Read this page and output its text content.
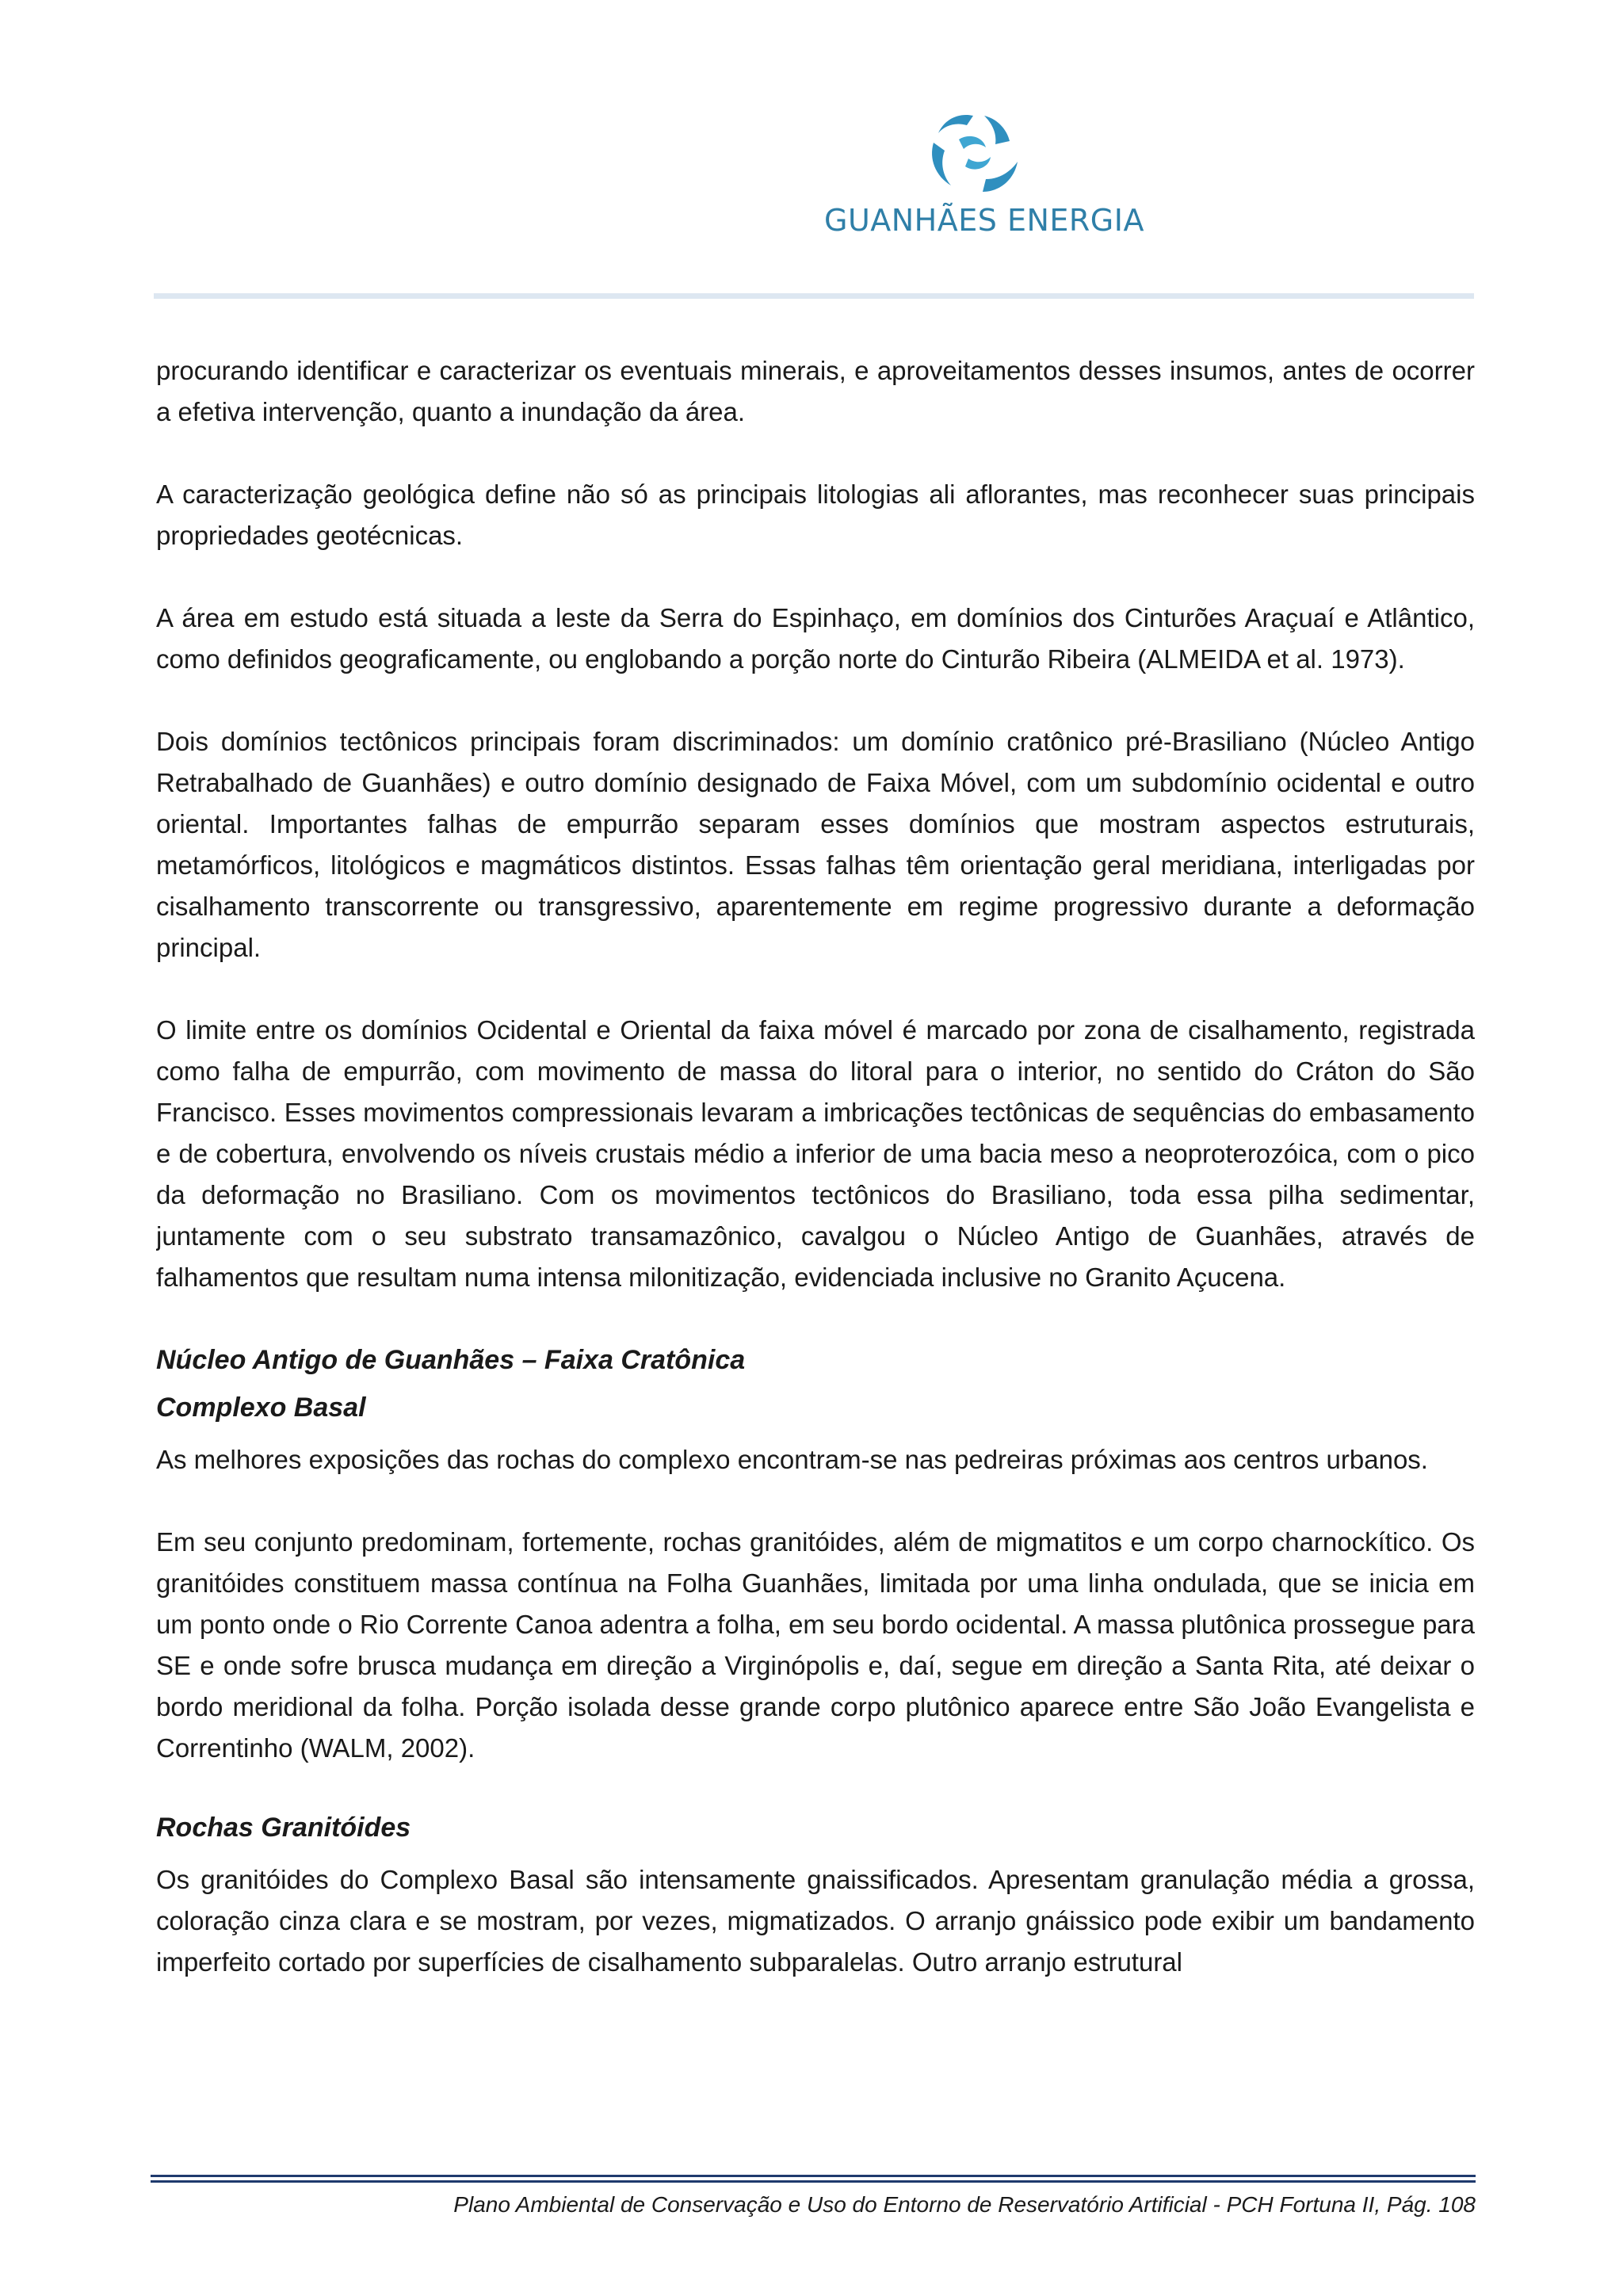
GUANHÃES ENERGIA

procurando identificar e caracterizar os eventuais minerais, e aproveitamentos desses insumos, antes de ocorrer a efetiva intervenção, quanto a inundação da área.

A caracterização geológica define não só as principais litologias ali aflorantes, mas reconhecer suas principais propriedades geotécnicas.

A área em estudo está situada a leste da Serra do Espinhaço, em domínios dos Cinturões Araçuaí e Atlântico, como definidos geograficamente, ou englobando a porção norte do Cinturão Ribeira (ALMEIDA et al. 1973).

Dois domínios tectônicos principais foram discriminados: um domínio cratônico pré-Brasiliano (Núcleo Antigo Retrabalhado de Guanhães) e outro domínio designado de Faixa Móvel, com um subdomínio ocidental e outro oriental. Importantes falhas de empurrão separam esses domínios que mostram aspectos estruturais, metamórficos, litológicos e magmáticos distintos. Essas falhas têm orientação geral meridiana, interligadas por cisalhamento transcorrente ou transgressivo, aparentemente em regime progressivo durante a deformação principal.

O limite entre os domínios Ocidental e Oriental da faixa móvel é marcado por zona de cisalhamento, registrada como falha de empurrão, com movimento de massa do litoral para o interior, no sentido do Cráton do São Francisco. Esses movimentos compressionais levaram a imbricações tectônicas de sequências do embasamento e de cobertura, envolvendo os níveis crustais médio a inferior de uma bacia meso a neoproterozóica, com o pico da deformação no Brasiliano. Com os movimentos tectônicos do Brasiliano, toda essa pilha sedimentar, juntamente com o seu substrato transamazônico, cavalgou o Núcleo Antigo de Guanhães, através de falhamentos que resultam numa intensa milonitização, evidenciada inclusive no Granito Açucena.

Núcleo Antigo de Guanhães – Faixa Cratônica
Complexo Basal

As melhores exposições das rochas do complexo encontram-se nas pedreiras próximas aos centros urbanos.

Em seu conjunto predominam, fortemente, rochas granitóides, além de migmatitos e um corpo charnockítico. Os granitóides constituem massa contínua na Folha Guanhães, limitada por uma linha ondulada, que se inicia em um ponto onde o Rio Corrente Canoa adentra a folha, em seu bordo ocidental. A massa plutônica prossegue para SE e onde sofre brusca mudança em direção a Virginópolis e, daí, segue em direção a Santa Rita, até deixar o bordo meridional da folha. Porção isolada desse grande corpo plutônico aparece entre São João Evangelista e Correntinho (WALM, 2002).

Rochas Granitóides

Os granitóides do Complexo Basal são intensamente gnaissificados. Apresentam granulação média a grossa, coloração cinza clara e se mostram, por vezes, migmatizados. O arranjo gnáissico pode exibir um bandamento imperfeito cortado por superfícies de cisalhamento subparalelas. Outro arranjo estrutural

Plano Ambiental de Conservação e Uso do Entorno de Reservatório Artificial - PCH Fortuna II, Pág. 108
